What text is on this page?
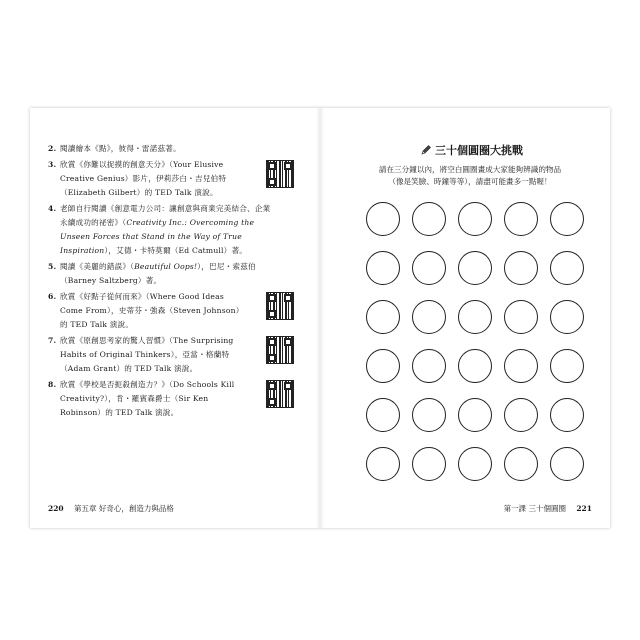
2. 閱讀繪本《點》，彼得・雷諾茲著。
3. 欣賞《你難以捉摸的創意天分》（Your Elusive Creative Genius）影片，伊莉莎白・吉兒伯特（Elizabeth Gilbert）的 TED Talk 演說。
4. 老師自行閱讀《創意電力公司：讓創意與商業完美結合、企業永續成功的祕密》（Creativity Inc.: Overcoming the Unseen Forces that Stand in the Way of True Inspiration），艾德・卡特莫爾（Ed Catmull）著。
5. 閱讀《美麗的錯誤》（Beautiful Oops!），巴尼・索茲伯（Barney Saltzberg）著。
6. 欣賞《好點子從何而來》（Where Good Ideas Come From），史蒂芬・強森（Steven Johnson）的 TED Talk 演說。
7. 欣賞《原創思考家的驚人習慣》（The Surprising Habits of Original Thinkers），亞當・格蘭特（Adam Grant）的 TED Talk 演說。
8. 欣賞《學校是否扼殺創造力？》（Do Schools Kill Creativity?），肯・羅賓森爵士（Sir Ken Robinson）的 TED Talk 演說。
220 第五章 好奇心，創造力與品格
三十個圓圈大挑戰
請在三分鐘以內，將空白圓圈畫成大家能夠辨識的物品
（像是笑臉、時鐘等等），請盡可能畫多一點喔！
第一課 三十個圓圈 221
